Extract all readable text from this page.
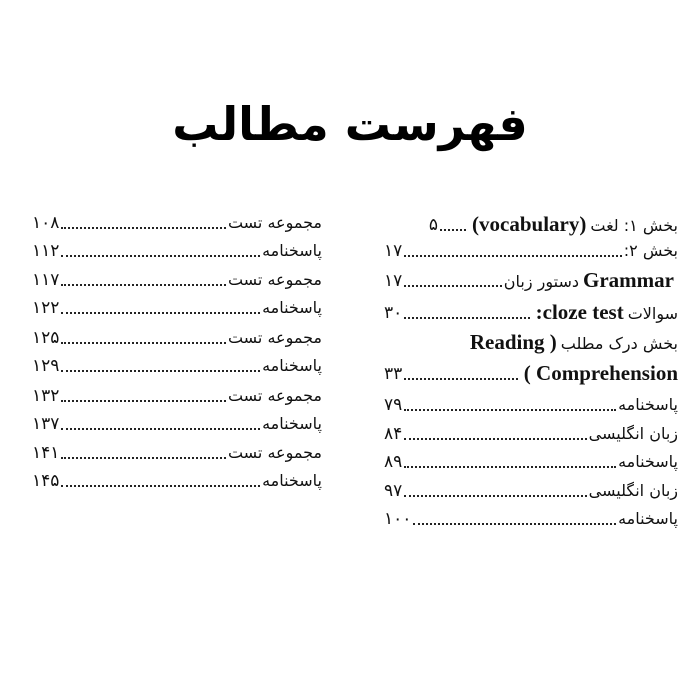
فهرست مطالب
بخش ۱: لغت(vocabulary)
۵
بخش ۲:
۱۷
Grammarدستور زبان
۱۷
سوالاتcloze test:
۳۰
بخش درک مطلب( Reading
Comprehension )
۳۳
پاسخنامه
۷۹
زبان انگلیسی
۸۴
پاسخنامه
۸۹
زبان انگلیسی
۹۷
پاسخنامه
۱۰۰
مجموعه تست
۱۰۸
پاسخنامه
۱۱۲
مجموعه تست
۱۱۷
پاسخنامه
۱۲۲
مجموعه تست
۱۲۵
پاسخنامه
۱۲۹
مجموعه تست
۱۳۲
پاسخنامه
۱۳۷
مجموعه تست
۱۴۱
پاسخنامه
۱۴۵
